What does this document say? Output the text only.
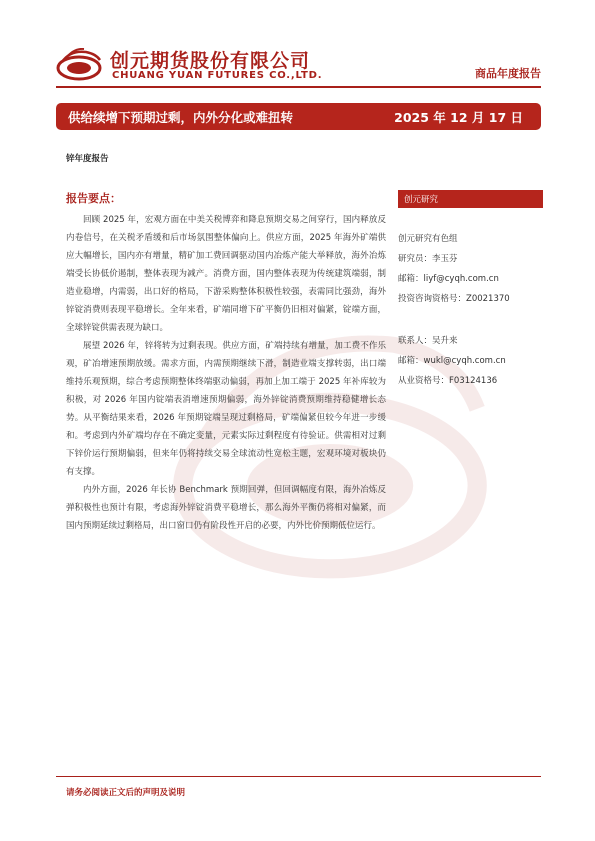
创元期货股份有限公司
CHUANG YUAN FUTURES CO.,LTD.	商品年度报告
供给续增下预期过剩，内外分化或难扭转	2025 年 12 月 17 日
锌年度报告
报告要点：

回顾 2025 年，宏观方面在中美关税博弈和降息预期交易之间穿行，国内释放反内卷信号，在关税矛盾缓和后市场氛围整体偏向上。供应方面，2025 年海外矿端供应大幅增长，国内亦有增量，精矿加工费回调驱动国内冶炼产能大举释放，海外冶炼端受长协低价遏制，整体表现为减产。消费方面，国内整体表现为传统建筑端弱，制造业稳增，内需弱，出口好的格局，下游采购整体积极性较强，表需同比强劲，海外锌锭消费则表现平稳增长。全年来看，矿端同增下矿平衡仍旧相对偏紧，锭端方面，全球锌锭供需表现为缺口。

展望 2026 年，锌将转为过剩表现。供应方面，矿端持续有增量，加工费不作乐观，矿冶增速预期放缓。需求方面，内需预期继续下滑，制造业端支撑转弱，出口端维持乐观预期，综合考虑预期整体终端驱动偏弱，再加上加工端于 2025 年补库较为积极，对 2026 年国内锭端表消增速预期偏弱，海外锌锭消费预期维持稳健增长态势。从平衡结果来看，2026 年预期锭端呈现过剩格局，矿端偏紧但较今年进一步缓和。考虑到内外矿端均存在不确定变量，元素实际过剩程度有待验证。供需相对过剩下锌价运行预期偏弱，但来年仍将持续交易全球流动性宽松主题，宏观环境对板块仍有支撑。

内外方面，2026 年长协 Benchmark 预期回弹，但回调幅度有限，海外冶炼反弹积极性也预计有限，考虑海外锌锭消费平稳增长，那么海外平衡仍将相对偏紧，而国内预期延续过剩格局，出口窗口仍有阶段性开启的必要，内外比价预期低位运行。

创元研究
创元研究有色组
研究员：李玉芬
邮箱：liyf@cyqh.com.cn
投资咨询资格号：Z0021370
联系人：吴升来
邮箱：wukl@cyqh.com.cn
从业资格号：F03124136
请务必阅读正文后的声明及说明
